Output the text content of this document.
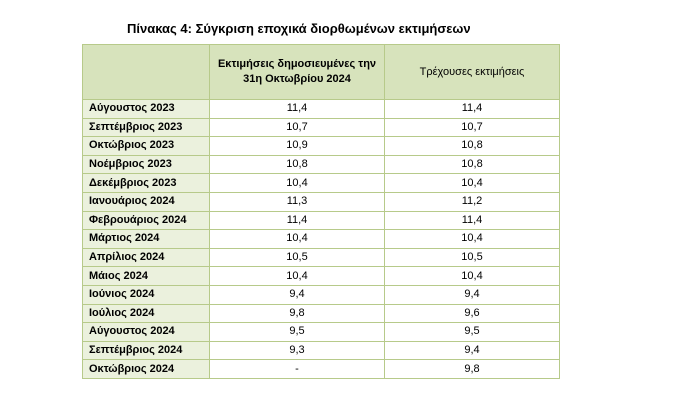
Πίνακας 4: Σύγκριση εποχικά διορθωμένων εκτιμήσεων
	Εκτιμήσεις δημοσιευμένες την 31η Οκτωβρίου 2024	Τρέχουσες εκτιμήσεις
Αύγουστος 2023	11,4	11,4
Σεπτέμβριος 2023	10,7	10,7
Οκτώβριος 2023	10,9	10,8
Νοέμβριος 2023	10,8	10,8
Δεκέμβριος 2023	10,4	10,4
Ιανουάριος 2024	11,3	11,2
Φεβρουάριος 2024	11,4	11,4
Μάρτιος 2024	10,4	10,4
Απρίλιος 2024	10,5	10,5
Μάιος 2024	10,4	10,4
Ιούνιος 2024	9,4	9,4
Ιούλιος 2024	9,8	9,6
Αύγουστος 2024	9,5	9,5
Σεπτέμβριος 2024	9,3	9,4
Οκτώβριος 2024	-	9,8
